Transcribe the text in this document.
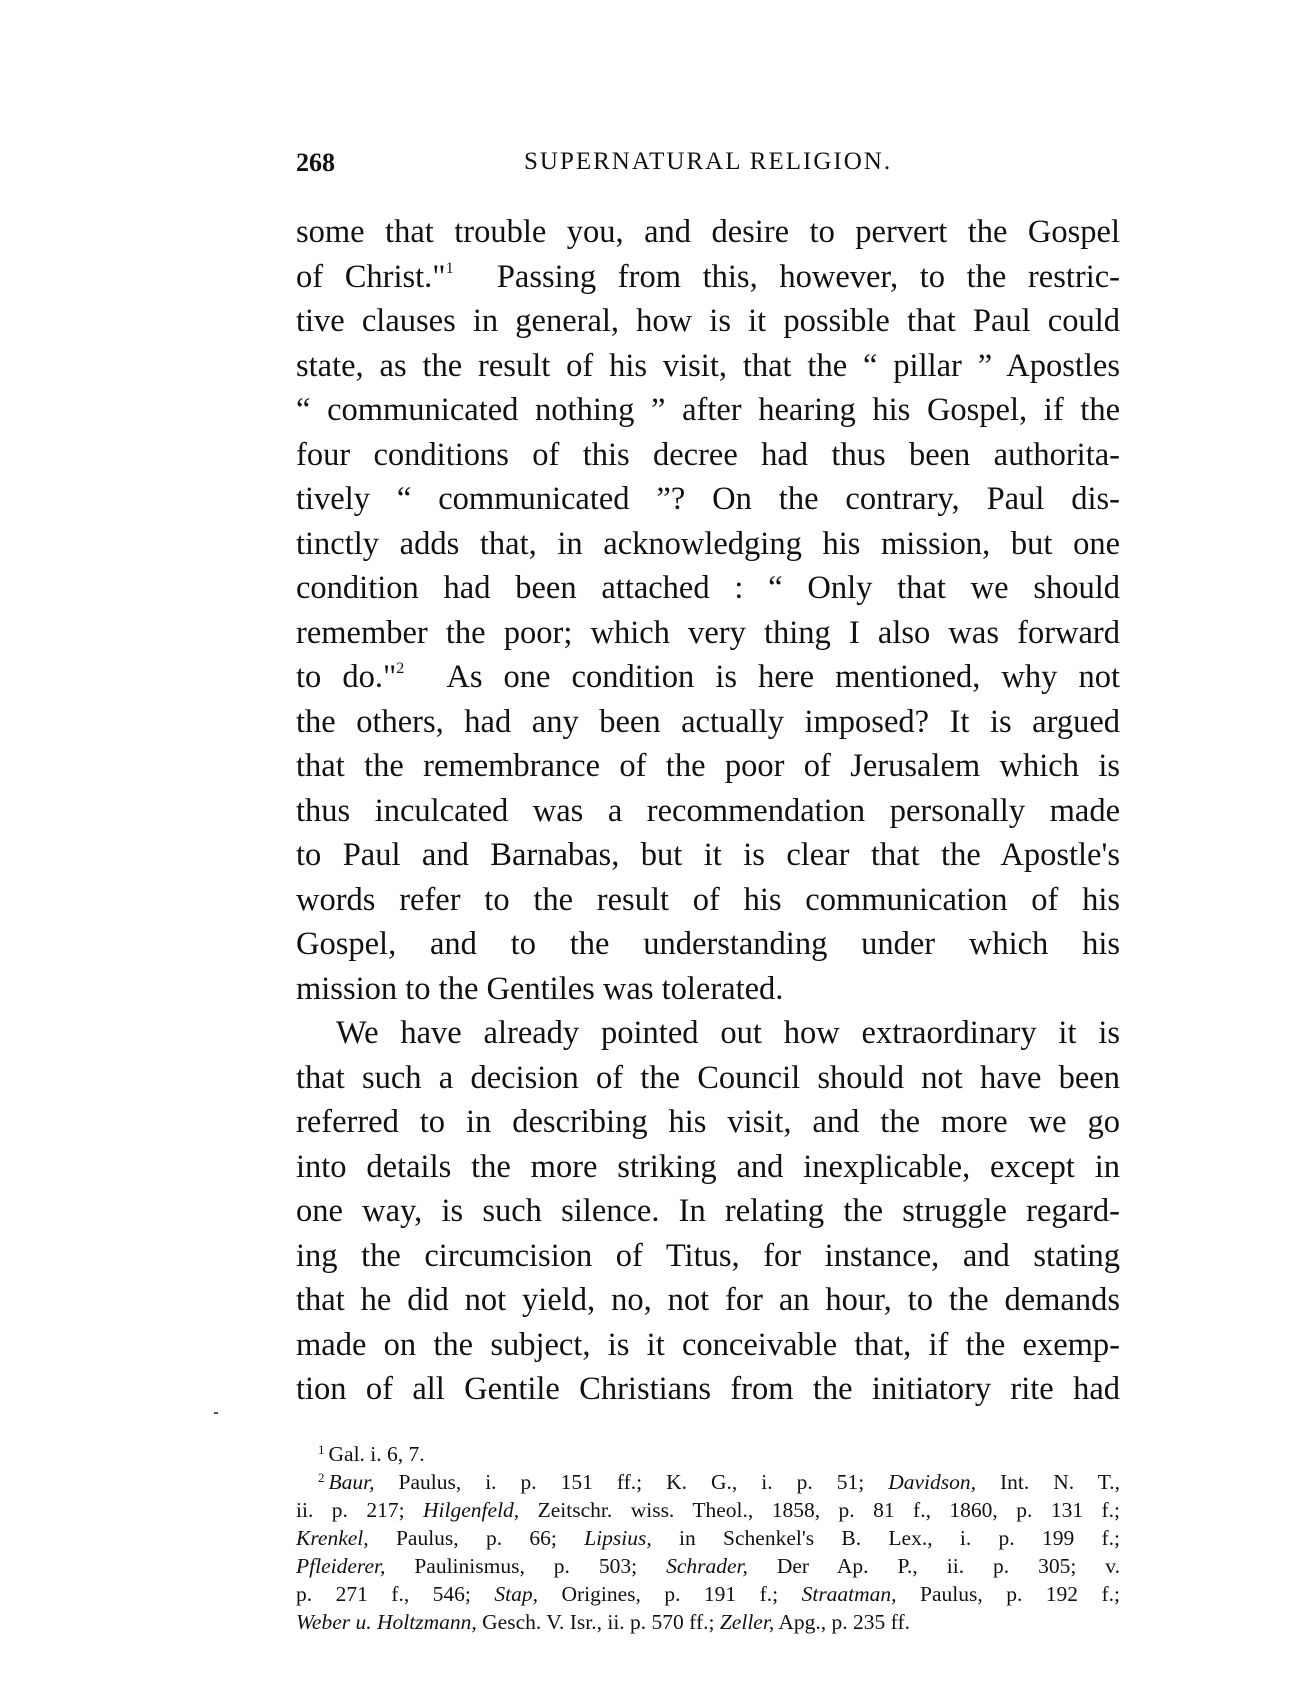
268	SUPERNATURAL RELIGION.
some that trouble you, and desire to pervert the Gospel
of Christ."$^1$ Passing from this, however, to the restric-
tive clauses in general, how is it possible that Paul could
state, as the result of his visit, that the “ pillar ” Apostles
“ communicated nothing ” after hearing his Gospel, if the
four conditions of this decree had thus been authorita-
tively “ communicated ”? On the contrary, Paul dis-
tinctly adds that, in acknowledging his mission, but one
condition had been attached : “ Only that we should
remember the poor; which very thing I also was forward
to do."$^2$ As one condition is here mentioned, why not
the others, had any been actually imposed? It is argued
that the remembrance of the poor of Jerusalem which is
thus inculcated was a recommendation personally made
to Paul and Barnabas, but it is clear that the Apostle's
words refer to the result of his communication of his
Gospel, and to the understanding under which his
mission to the Gentiles was tolerated.
We have already pointed out how extraordinary it is
that such a decision of the Council should not have been
referred to in describing his visit, and the more we go
into details the more striking and inexplicable, except in
one way, is such silence. In relating the struggle regard-
ing the circumcision of Titus, for instance, and stating
that he did not yield, no, not for an hour, to the demands
made on the subject, is it conceivable that, if the exemp-
tion of all Gentile Christians from the initiatory rite had
$^1$ Gal. i. 6, 7.
$^2$ Baur, Paulus, i. p. 151 ff.; K. G., i. p. 51; Davidson, Int. N. T.,
ii. p. 217; Hilgenfeld, Zeitschr. wiss. Theol., 1858, p. 81 f., 1860, p. 131 f.;
Krenkel, Paulus, p. 66; Lipsius, in Schenkel's B. Lex., i. p. 199 f.;
Pfleiderer, Paulinismus, p. 503; Schrader, Der Ap. P., ii. p. 305; v.
p. 271 f., 546; Stap, Origines, p. 191 f.; Straatman, Paulus, p. 192 f.;
Weber u. Holtzmann, Gesch. V. Isr., ii. p. 570 ff.; Zeller, Apg., p. 235 ff.
